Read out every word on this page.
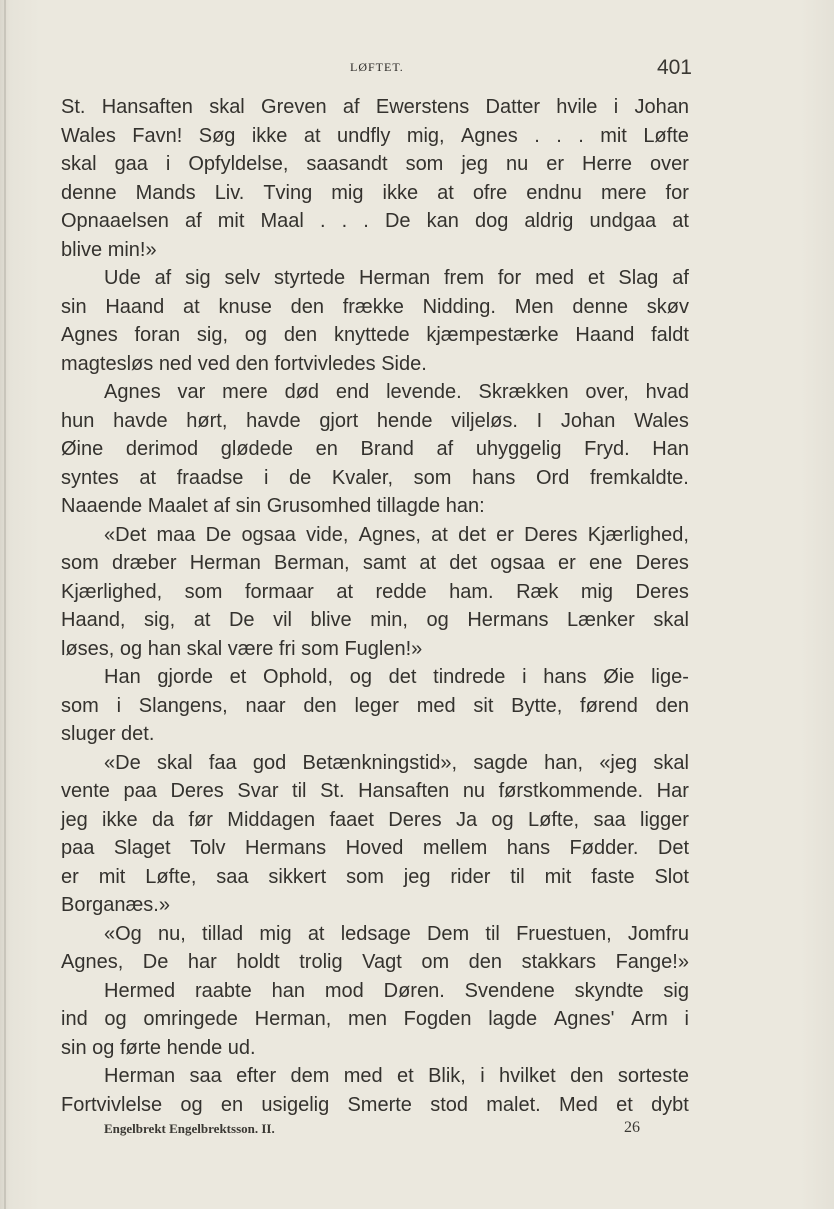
LØFTET.	401
St. Hansaften skal Greven af Ewerstens Datter hvile i Johan
Wales Favn! Søg ikke at undfly mig, Agnes . . . mit Løfte
skal gaa i Opfyldelse, saasandt som jeg nu er Herre over
denne Mands Liv. Tving mig ikke at ofre endnu mere for
Opnaaelsen af mit Maal . . . De kan dog aldrig undgaa at
blive min!»
Ude af sig selv styrtede Herman frem for med et Slag af
sin Haand at knuse den frække Nidding. Men denne skøv
Agnes foran sig, og den knyttede kjæmpestærke Haand faldt
magtesløs ned ved den fortvivledes Side.
Agnes var mere død end levende. Skrækken over, hvad
hun havde hørt, havde gjort hende viljeløs. I Johan Wales
Øine derimod glødede en Brand af uhyggelig Fryd. Han
syntes at fraadse i de Kvaler, som hans Ord fremkaldte.
Naaende Maalet af sin Grusomhed tillagde han:
«Det maa De ogsaa vide, Agnes, at det er Deres Kjærlighed,
som dræber Herman Berman, samt at det ogsaa er ene Deres
Kjærlighed, som formaar at redde ham. Ræk mig Deres
Haand, sig, at De vil blive min, og Hermans Lænker skal
løses, og han skal være fri som Fuglen!»
Han gjorde et Ophold, og det tindrede i hans Øie lige-
som i Slangens, naar den leger med sit Bytte, førend den
sluger det.
«De skal faa god Betænkningstid», sagde han, «jeg skal
vente paa Deres Svar til St. Hansaften nu førstkommende. Har
jeg ikke da før Middagen faaet Deres Ja og Løfte, saa ligger
paa Slaget Tolv Hermans Hoved mellem hans Fødder. Det
er mit Løfte, saa sikkert som jeg rider til mit faste Slot
Borganæs.»
«Og nu, tillad mig at ledsage Dem til Fruestuen, Jomfru
Agnes, De har holdt trolig Vagt om den stakkars Fange!»
Hermed raabte han mod Døren. Svendene skyndte sig
ind og omringede Herman, men Fogden lagde Agnes' Arm i
sin og førte hende ud.
Herman saa efter dem med et Blik, i hvilket den sorteste
Fortvivlelse og en usigelig Smerte stod malet. Med et dybt
Engelbrekt Engelbrektsson. II.	26
